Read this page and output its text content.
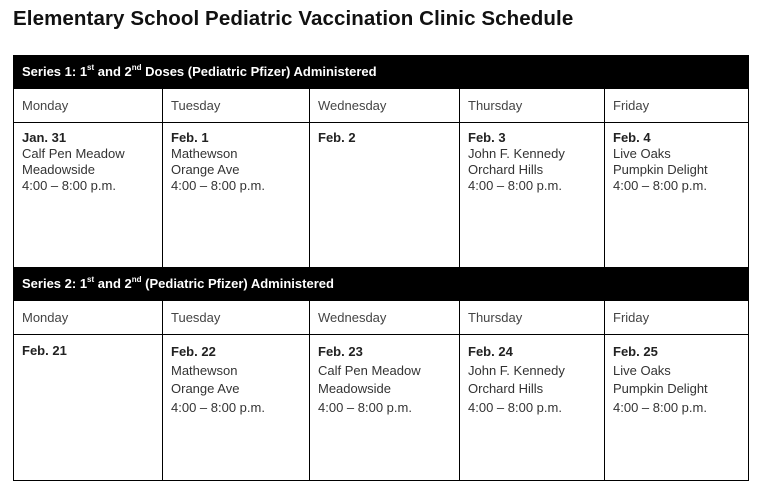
Elementary School Pediatric Vaccination Clinic Schedule
Series 1: 1st and 2nd Doses (Pediatric Pfizer) Administered				
Monday	Tuesday	Wednesday	Thursday	Friday

Jan. 31
Calf Pen Meadow
Meadowside
4:00 – 8:00 p.m.	Feb. 1
Mathewson
Orange Ave
4:00 – 8:00 p.m.	Feb. 2	Feb. 3
John F. Kennedy
Orchard Hills
4:00 – 8:00 p.m.	Feb. 4
Live Oaks
Pumpkin Delight
4:00 – 8:00 p.m.

Series 2: 1st and 2nd (Pediatric Pfizer) Administered				
Monday	Tuesday	Wednesday	Thursday	Friday

Feb. 21	Feb. 22
Mathewson
Orange Ave
4:00 – 8:00 p.m.	Feb. 23
Calf Pen Meadow
Meadowside
4:00 – 8:00 p.m.	Feb. 24
John F. Kennedy
Orchard Hills
4:00 – 8:00 p.m.	Feb. 25
Live Oaks
Pumpkin Delight
4:00 – 8:00 p.m.
